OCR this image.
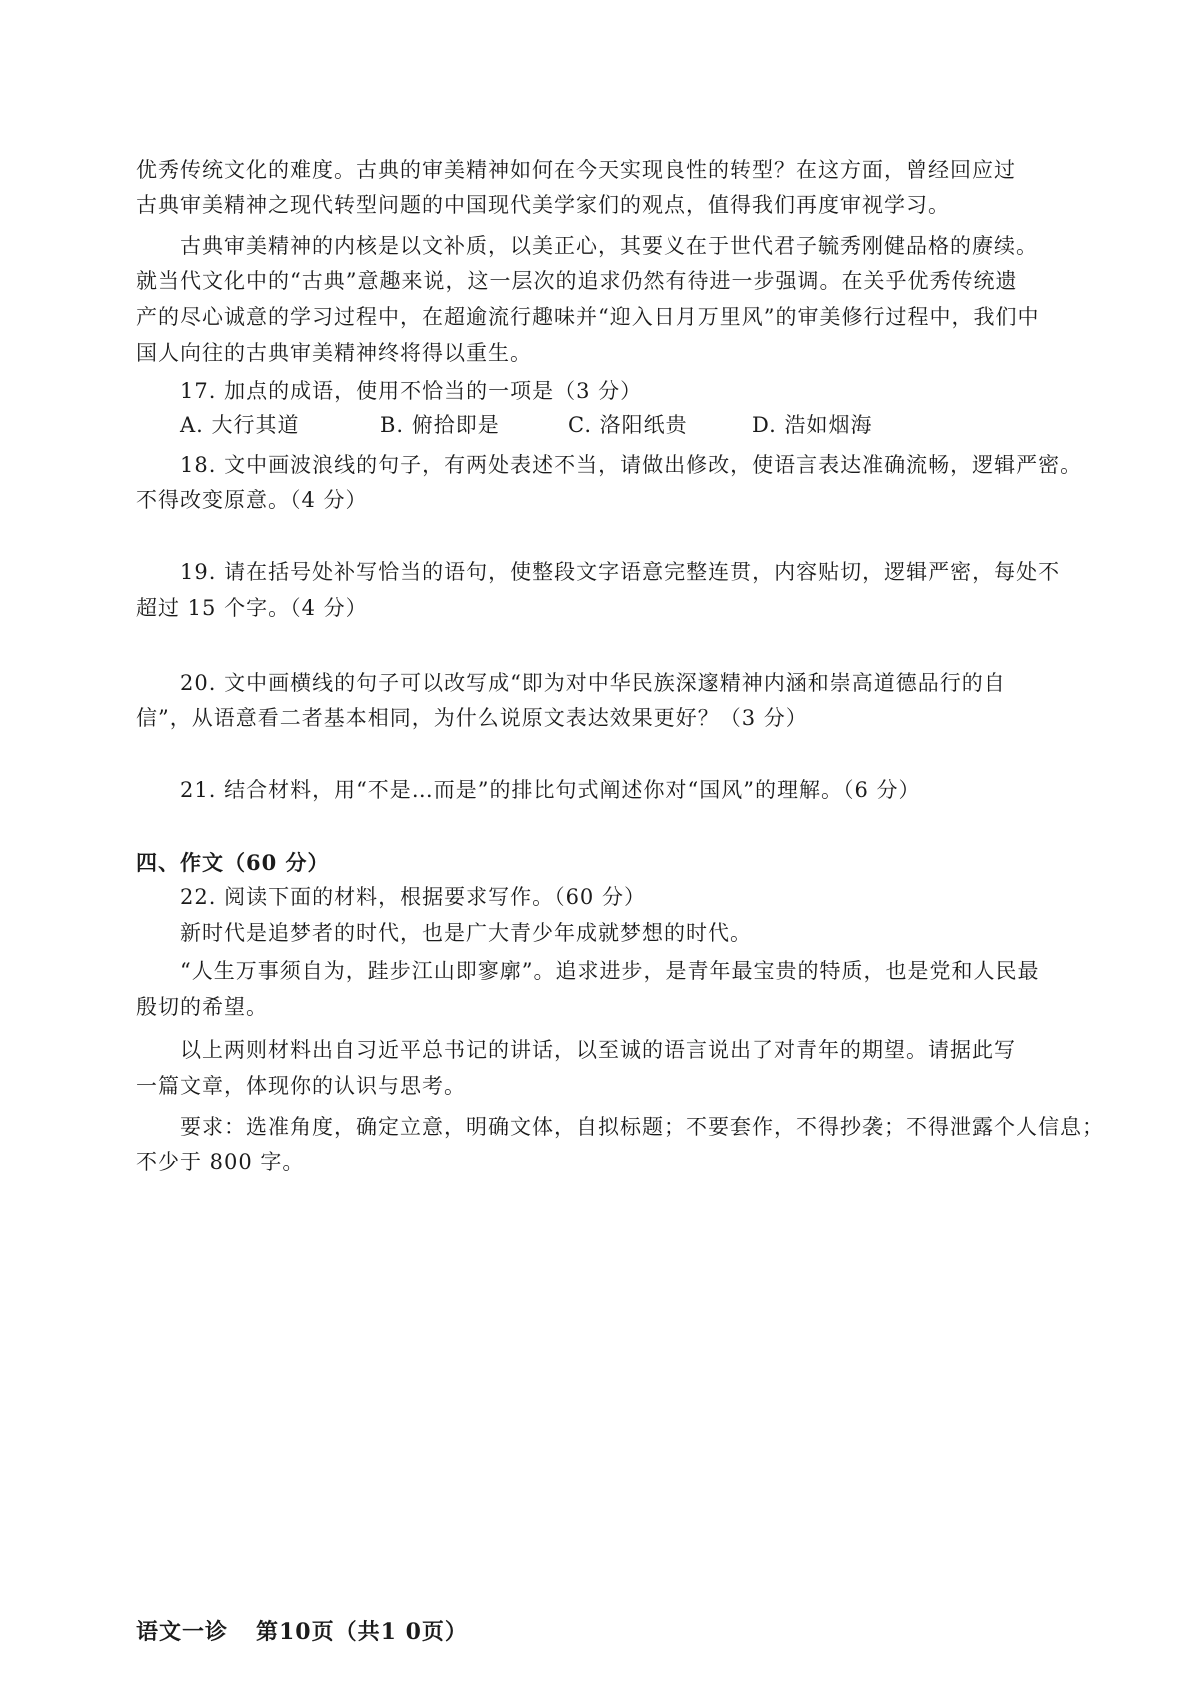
优秀传统文化的难度。古典的审美精神如何在今天实现良性的转型？在这方面，曾经回应过
古典审美精神之现代转型问题的中国现代美学家们的观点，值得我们再度审视学习。
古典审美精神的内核是以文补质，以美正心，其要义在于世代君子毓秀刚健品格的赓续。
就当代文化中的“古典”意趣来说，这一层次的追求仍然有待进一步强调。在关乎优秀传统遗
产的尽心诚意的学习过程中，在超逾流行趣味并“迎入日月万里风”的审美修行过程中，我们中
国人向往的古典审美精神终将得以重生。
17. 加点的成语，使用不恰当的一项是（3 分）
A. 大行其道	B. 俯拾即是	C. 洛阳纸贵	D. 浩如烟海
18. 文中画波浪线的句子，有两处表述不当，请做出修改，使语言表达准确流畅，逻辑严密。
不得改变原意。（4 分）
19. 请在括号处补写恰当的语句，使整段文字语意完整连贯，内容贴切，逻辑严密，每处不
超过 15 个字。（4 分）
20. 文中画横线的句子可以改写成“即为对中华民族深邃精神内涵和崇高道德品行的自
信”，从语意看二者基本相同，为什么说原文表达效果更好？（3 分）
21. 结合材料，用“不是…而是”的排比句式阐述你对“国风”的理解。（6 分）
四、作文（60 分）
22. 阅读下面的材料，根据要求写作。（60 分）
新时代是追梦者的时代，也是广大青少年成就梦想的时代。
“人生万事须自为，跬步江山即寥廓”。追求进步，是青年最宝贵的特质，也是党和人民最
殷切的希望。
以上两则材料出自习近平总书记的讲话，以至诚的语言说出了对青年的期望。请据此写
一篇文章，体现你的认识与思考。
要求：选准角度，确定立意，明确文体，自拟标题；不要套作，不得抄袭；不得泄露个人信息；
不少于 800 字。
语文一诊 第10页（共1 0页）
